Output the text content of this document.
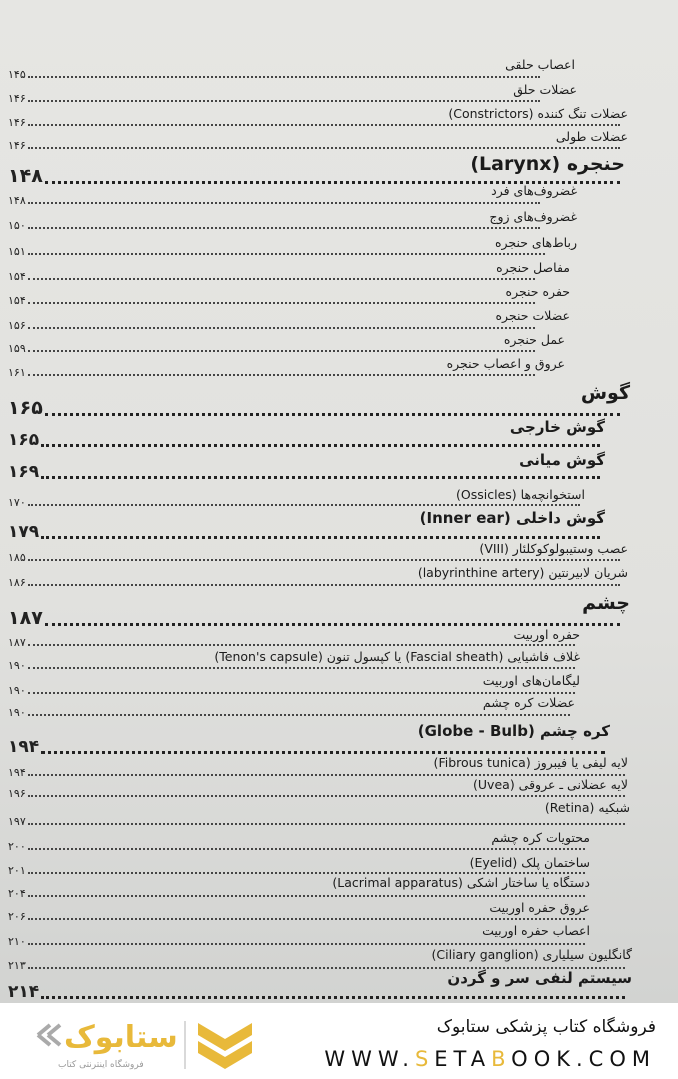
اعصاب حلقی
۱۴۵
عضلات حلق
۱۴۶
عضلات تنگ کننده (Constrictors)
۱۴۶
عضلات طولی
۱۴۶
حنجره (Larynx)
۱۴۸
غضروف‌های فرد
۱۴۸
غضروف‌های زوج
۱۵۰
رباط‌های حنجره
۱۵۱
مفاصل حنجره
۱۵۴
حفره حنجره
۱۵۴
عضلات حنجره
۱۵۶
عمل حنجره
۱۵۹
عروق و اعصاب حنجره
۱۶۱
گوش
۱۶۵
گوش خارجی
۱۶۵
گوش میانی
۱۶۹
استخوانچه‌ها (Ossicles)
۱۷۰
گوش داخلی (Inner ear)
۱۷۹
عصب وستیبولوکوکلئار (VIII)
۱۸۵
شریان لابیرنتین (labyrinthine artery)
۱۸۶
چشم
۱۸۷
حفره اوربیت
۱۸۷
غلاف فاشیایی (Fascial sheath) یا کپسول تنون (Tenon's capsule)
۱۹۰
لیگامان‌های اوربیت
۱۹۰
عضلات کره چشم
۱۹۰
کره چشم (Globe - Bulb)
۱۹۴
لایه لیفی یا فیبروز (Fibrous tunica)
۱۹۴
لایه عضلانی ـ عروقی (Uvea)
۱۹۶
شبکیه (Retina)
۱۹۷
محتویات کره چشم
۲۰۰
ساختمان پلک (Eyelid)
۲۰۱
دستگاه یا ساختار اشکی (Lacrimal apparatus)
۲۰۴
عروق حفره اوربیت
۲۰۶
اعصاب حفره اوربیت
۲۱۰
گانگلیون سیلیاری (Ciliary ganglion)
۲۱۳
سیستم لنفی سر و گردن
۲۱۴
ستابوک
فروشگاه اینترنتی کتاب
فروشگاه کتاب پزشکی ستابوک
WWW.SETABOOK.COM
